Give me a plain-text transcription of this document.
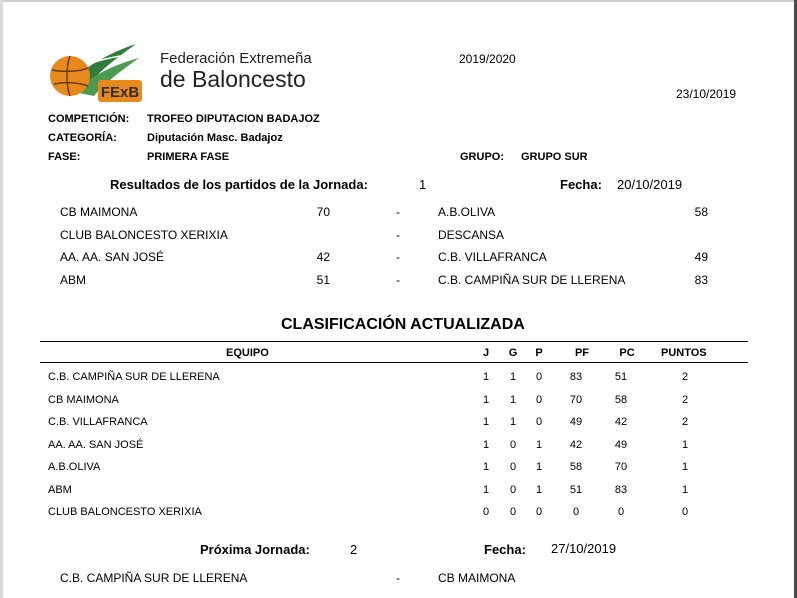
FExB
Federación Extremeña
de Baloncesto
2019/2020
23/10/2019
COMPETICIÓN: TROFEO DIPUTACION BADAJOZ
CATEGORÍA:	Diputación Masc. Badajoz
FASE:	PRIMERA FASE	GRUPO: GRUPO SUR
Resultados de los partidos de la Jornada:	1	Fecha: 20/10/2019
CB MAIMONA	70	-	A.B.OLIVA	58
CLUB BALONCESTO XERIXIA	-	DESCANSA
AA. AA. SAN JOSÉ	42	-	C.B. VILLAFRANCA	49
ABM	51	-	C.B. CAMPIÑA SUR DE LLERENA	83
CLASIFICACIÓN ACTUALIZADA
EQUIPO	J	G	P	PF	PC	PUNTOS
C.B. CAMPIÑA SUR DE LLERENA	1	1	0	83	51	2
CB MAIMONA	1	1	0	70	58	2
C.B. VILLAFRANCA	1	1	0	49	42	2
AA. AA. SAN JOSÉ	1	0	1	42	49	1
A.B.OLIVA	1	0	1	58	70	1
ABM	1	0	1	51	83	1
CLUB BALONCESTO XERIXIA	0	0	0	0	0	0
Próxima Jornada:	2	Fecha: 27/10/2019
C.B. CAMPIÑA SUR DE LLERENA	-	CB MAIMONA
